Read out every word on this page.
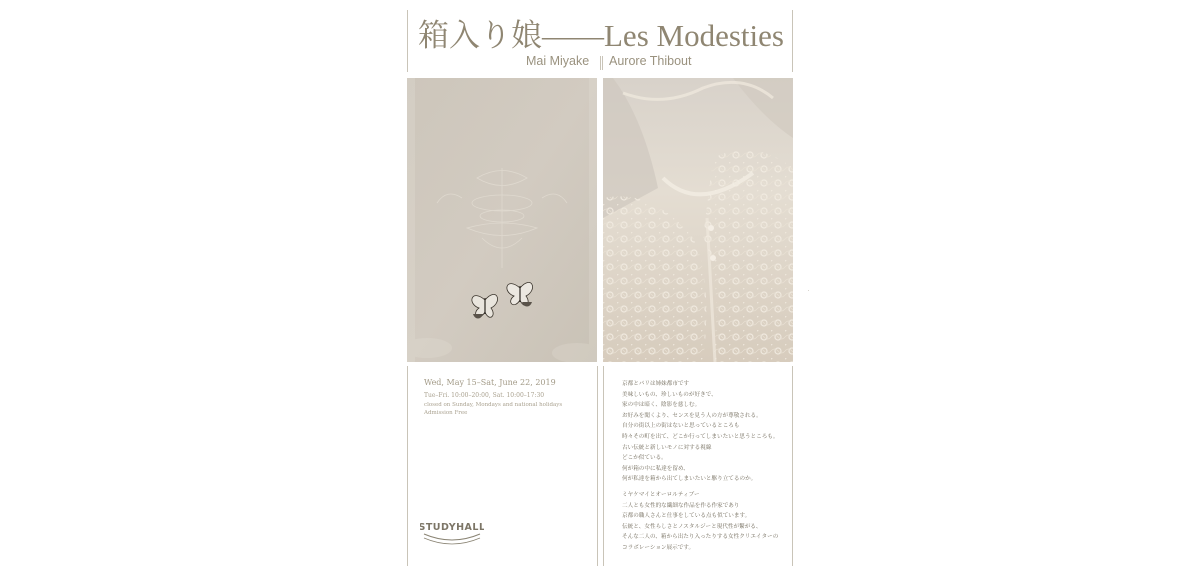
箱入り娘——Les Modesties
Mai Miyake Aurore Thibout
Wed, May 15–Sat, June 22, 2019
Tue–Fri. 10:00–20:00, Sat. 10:00–17:30
closed on Sunday, Mondays and national holidays
Admission Free
STUDYHALL
京都とパリは姉妹都市です
美味しいもの、珍しいものが好きで、
家の中は暗く、陰影を慈しむ。
お好みを聞くより、センスを見う人の方が尊敬される。
自分の街以上の街はないと思っているところも
時々その町を出て、どこか行ってしまいたいと思うところも。
古い伝統と新しいモノに対する視線
どこか似ている。
何が箱の中に私達を留め、
何が私達を箱から出てしまいたいと駆り立てるのか。
ミヤケマイとオーロルティブー
二人とも女性的な繊細な作品を作る作家であり
京都の職人さんと仕事をしている点も似ています。
伝統と、女性らしさとノスタルジーと現代性が繋がる、
そんな二人の、箱から出たり入ったりする女性クリエイターの
コラボレーション展示です。
